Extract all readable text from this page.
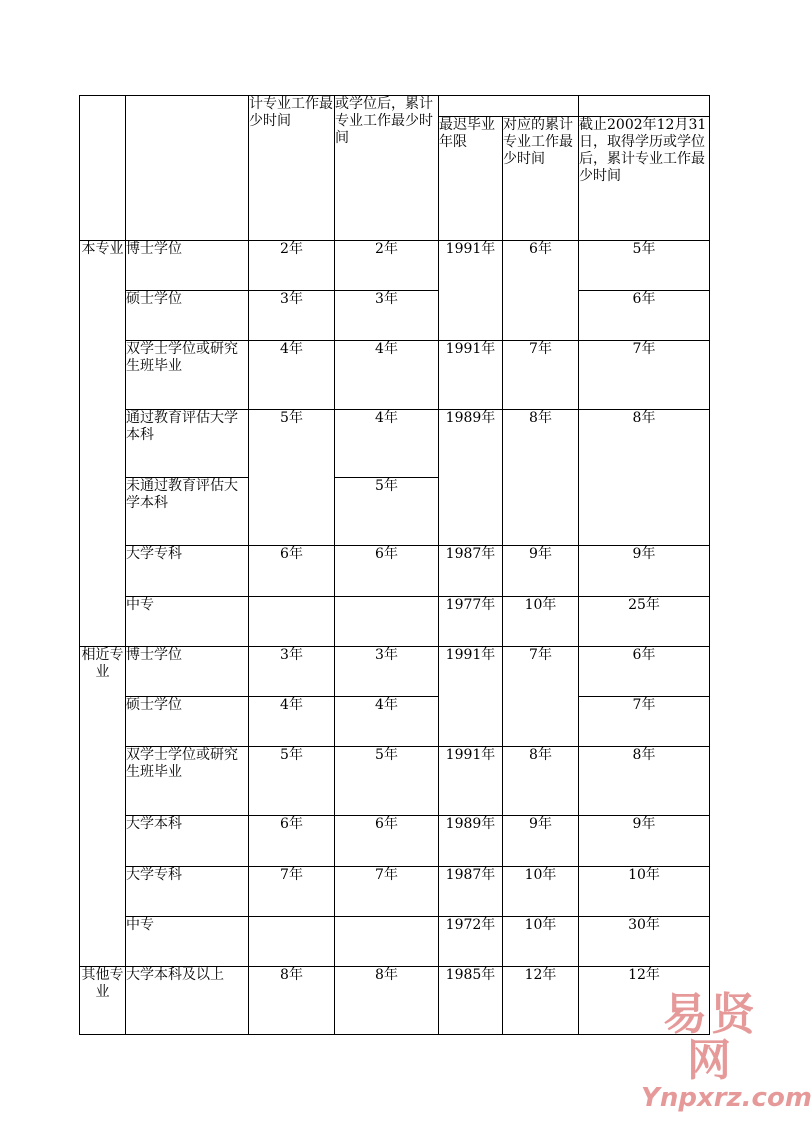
		计专业工作最少时间	或学位后，累计专业工作最少时间			
				最迟毕业年限	对应的累计专业工作最少时间	截止2002年12月31日，取得学历或学位后，累计专业工作最少时间
本专业	博士学位	2年	2年	1991年	6年	5年
	硕士学位	3年	3年			6年
	双学士学位或研究生班毕业	4年	4年	1991年	7年	7年
	通过教育评估大学本科	5年	4年	1989年	8年	8年
	未通过教育评估大学本科		5年			
	大学专科	6年	6年	1987年	9年	9年
	中专			1977年	10年	25年
相近专业	博士学位	3年	3年	1991年	7年	6年
	硕士学位	4年	4年			7年
	双学士学位或研究生班毕业	5年	5年	1991年	8年	8年
	大学本科	6年	6年	1989年	9年	9年
	大学专科	7年	7年	1987年	10年	10年
	中专			1972年	10年	30年
其他专业	大学本科及以上	8年	8年	1985年	12年	12年
易贤网
Ynpxrz.com
